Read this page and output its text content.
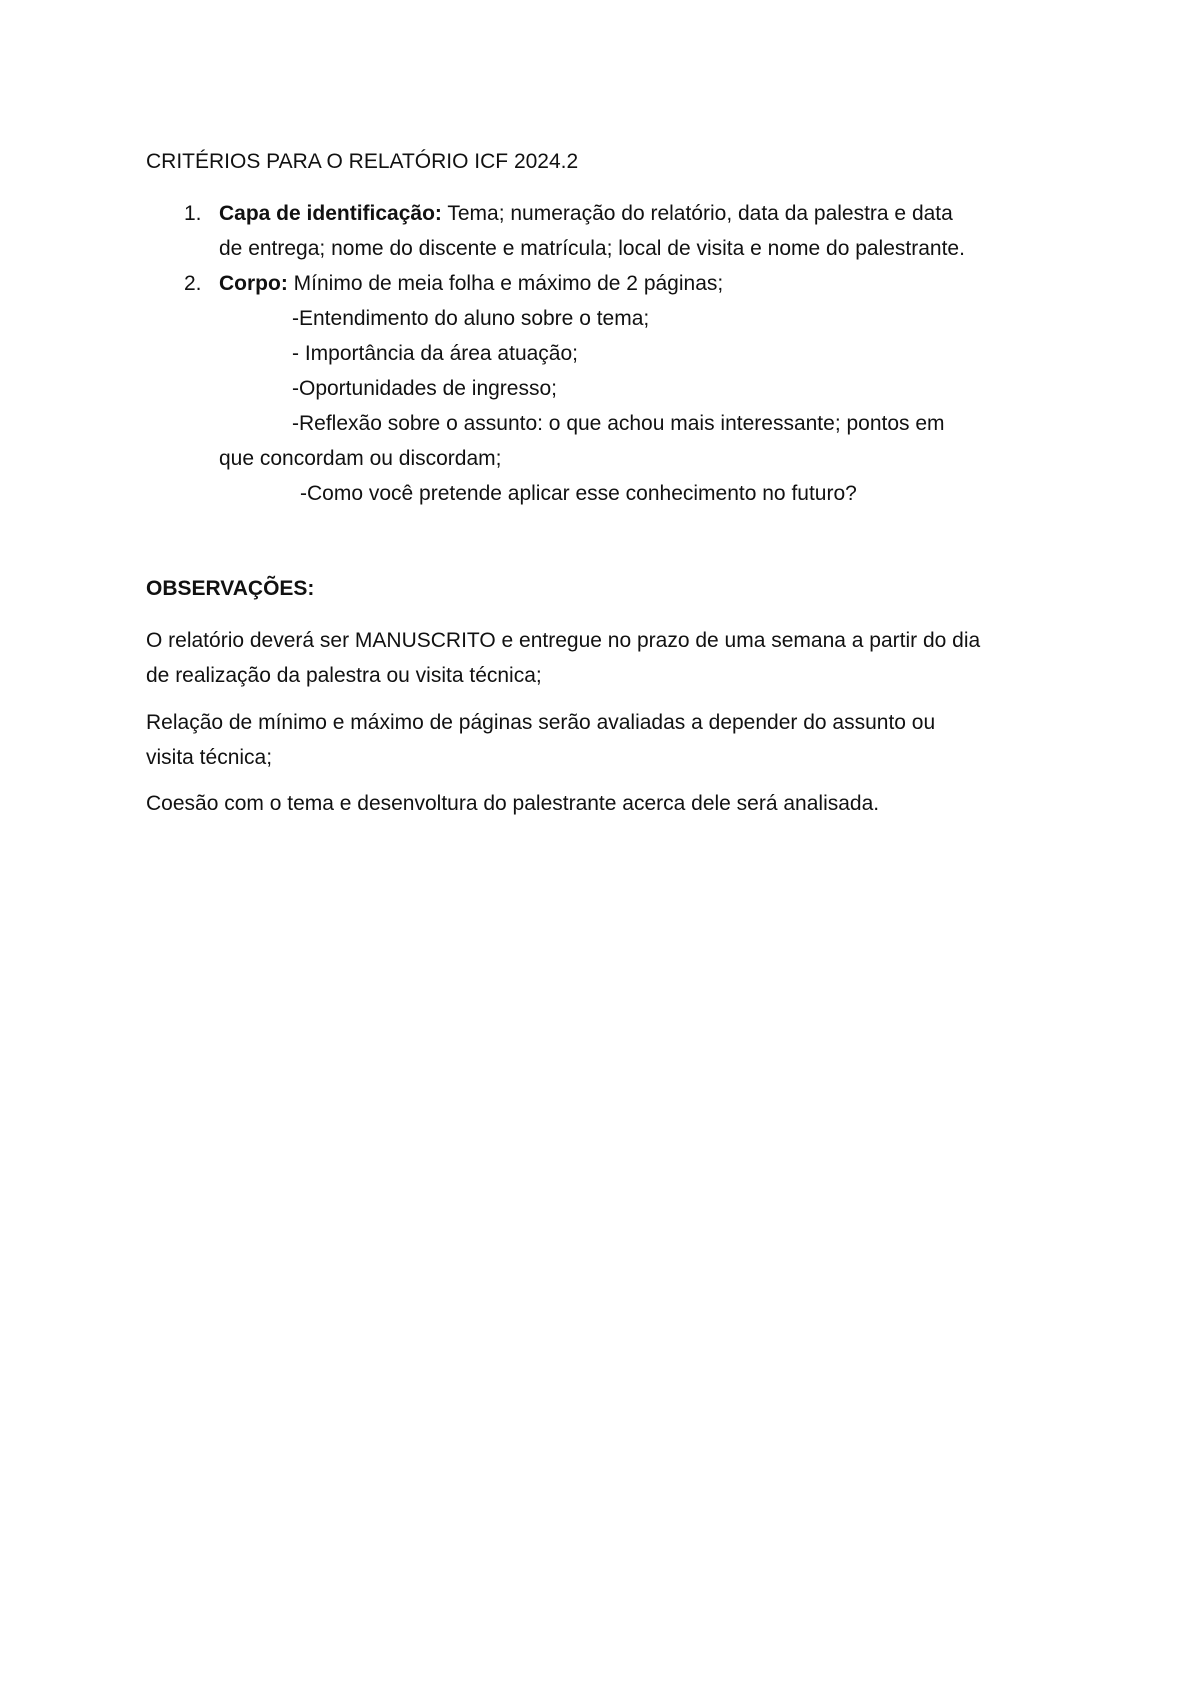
CRITÉRIOS PARA O RELATÓRIO ICF 2024.2
1. Capa de identificação: Tema; numeração do relatório, data da palestra e data
de entrega; nome do discente e matrícula; local de visita e nome do palestrante.
2. Corpo: Mínimo de meia folha e máximo de 2 páginas;
-Entendimento do aluno sobre o tema;
- Importância da área atuação;
-Oportunidades de ingresso;
-Reflexão sobre o assunto: o que achou mais interessante; pontos em
que concordam ou discordam;
-Como você pretende aplicar esse conhecimento no futuro?
OBSERVAÇÕES:

O relatório deverá ser MANUSCRITO e entregue no prazo de uma semana a partir do dia
de realização da palestra ou visita técnica;

Relação de mínimo e máximo de páginas serão avaliadas a depender do assunto ou
visita técnica;

Coesão com o tema e desenvoltura do palestrante acerca dele será analisada.
